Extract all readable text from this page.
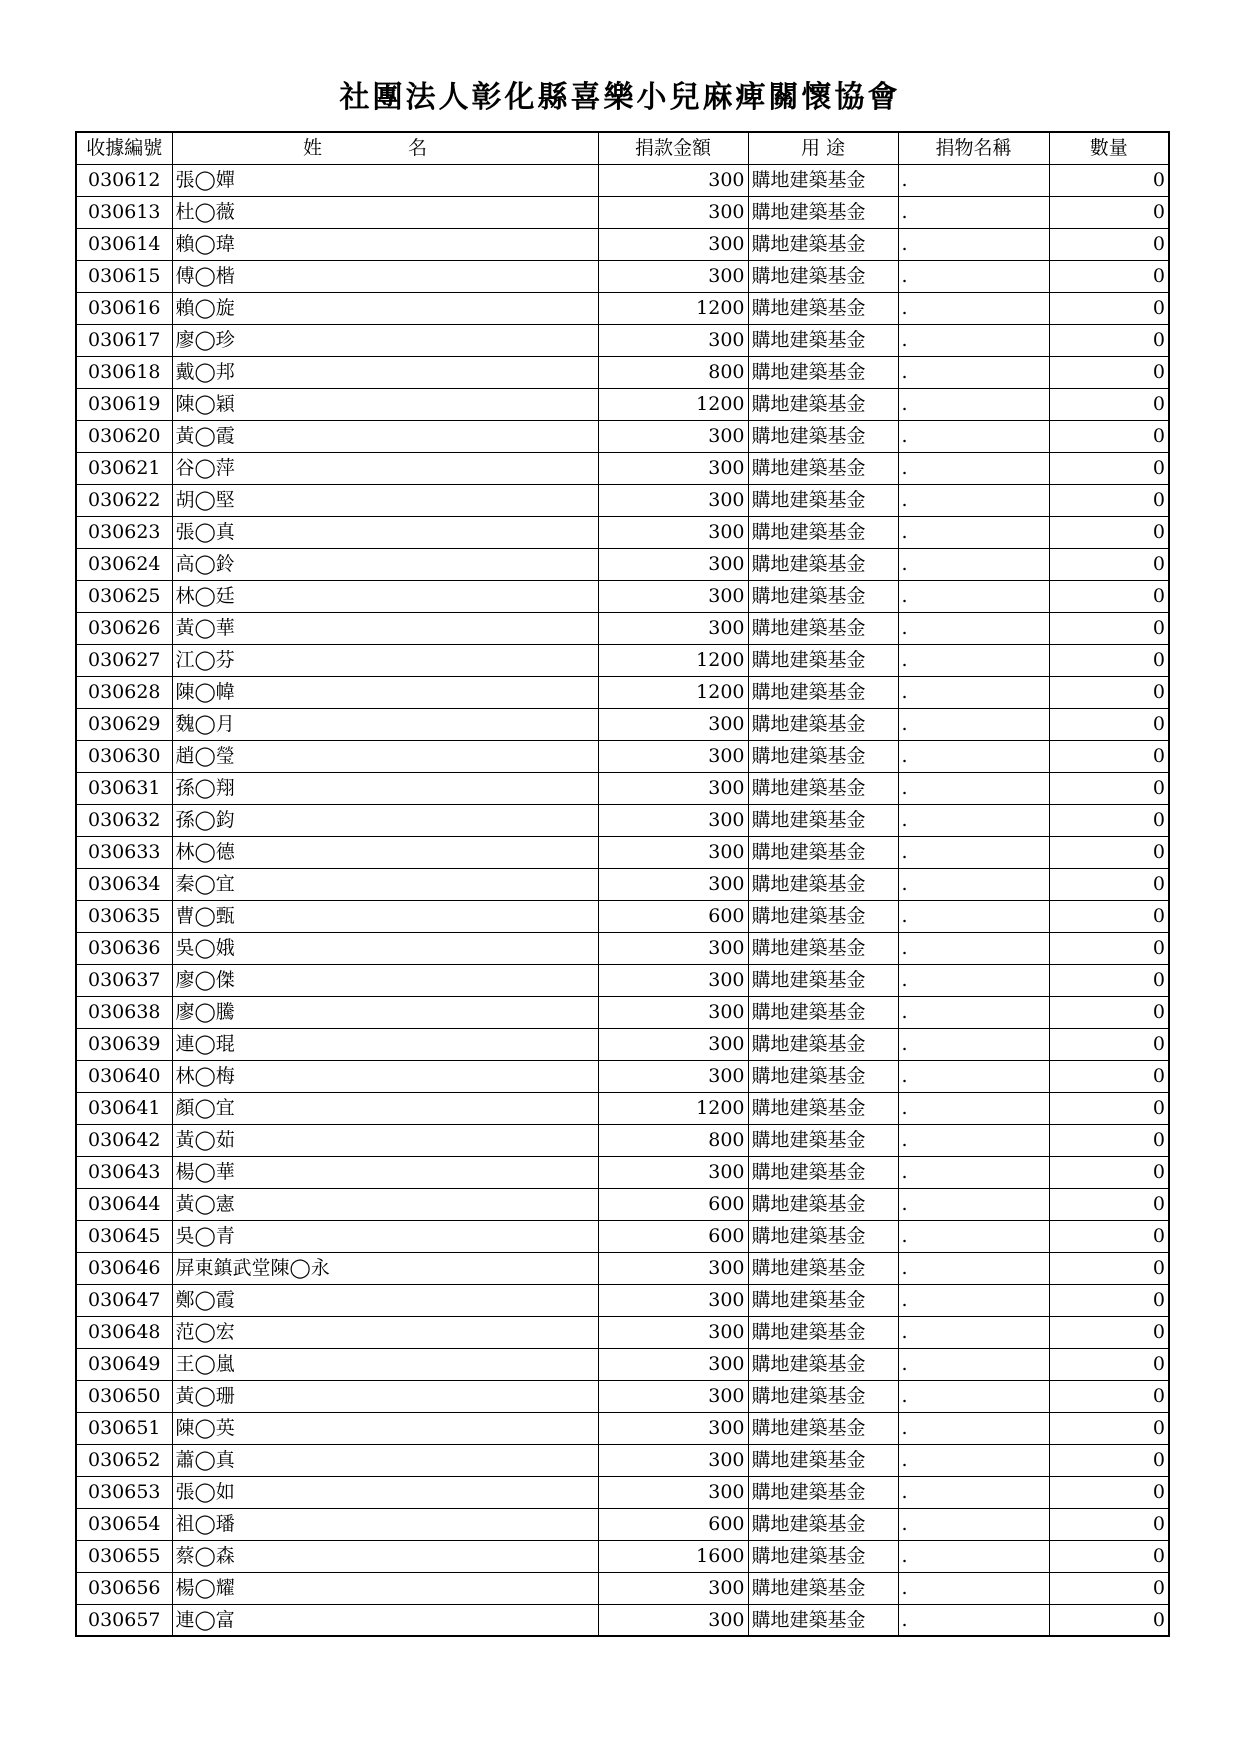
社團法人彰化縣喜樂小兒麻痺關懷協會
收據編號	姓 名	捐款金額	用 途	捐物名稱	數量
030612	張◯嬋	300	購地建築基金	.	0
030613	杜◯薇	300	購地建築基金	.	0
030614	賴◯瑋	300	購地建築基金	.	0
030615	傅◯楷	300	購地建築基金	.	0
030616	賴◯旋	1200	購地建築基金	.	0
030617	廖◯珍	300	購地建築基金	.	0
030618	戴◯邦	800	購地建築基金	.	0
030619	陳◯穎	1200	購地建築基金	.	0
030620	黃◯霞	300	購地建築基金	.	0
030621	谷◯萍	300	購地建築基金	.	0
030622	胡◯堅	300	購地建築基金	.	0
030623	張◯真	300	購地建築基金	.	0
030624	高◯鈴	300	購地建築基金	.	0
030625	林◯廷	300	購地建築基金	.	0
030626	黃◯華	300	購地建築基金	.	0
030627	江◯芬	1200	購地建築基金	.	0
030628	陳◯幃	1200	購地建築基金	.	0
030629	魏◯月	300	購地建築基金	.	0
030630	趙◯瑩	300	購地建築基金	.	0
030631	孫◯翔	300	購地建築基金	.	0
030632	孫◯鈞	300	購地建築基金	.	0
030633	林◯德	300	購地建築基金	.	0
030634	秦◯宜	300	購地建築基金	.	0
030635	曹◯甄	600	購地建築基金	.	0
030636	吳◯娥	300	購地建築基金	.	0
030637	廖◯傑	300	購地建築基金	.	0
030638	廖◯騰	300	購地建築基金	.	0
030639	連◯琨	300	購地建築基金	.	0
030640	林◯梅	300	購地建築基金	.	0
030641	顏◯宜	1200	購地建築基金	.	0
030642	黃◯茹	800	購地建築基金	.	0
030643	楊◯華	300	購地建築基金	.	0
030644	黃◯憲	600	購地建築基金	.	0
030645	吳◯青	600	購地建築基金	.	0
030646	屏東鎮武堂陳◯永	300	購地建築基金	.	0
030647	鄭◯霞	300	購地建築基金	.	0
030648	范◯宏	300	購地建築基金	.	0
030649	王◯嵐	300	購地建築基金	.	0
030650	黃◯珊	300	購地建築基金	.	0
030651	陳◯英	300	購地建築基金	.	0
030652	蕭◯真	300	購地建築基金	.	0
030653	張◯如	300	購地建築基金	.	0
030654	祖◯璠	600	購地建築基金	.	0
030655	蔡◯森	1600	購地建築基金	.	0
030656	楊◯耀	300	購地建築基金	.	0
030657	連◯富	300	購地建築基金	.	0
